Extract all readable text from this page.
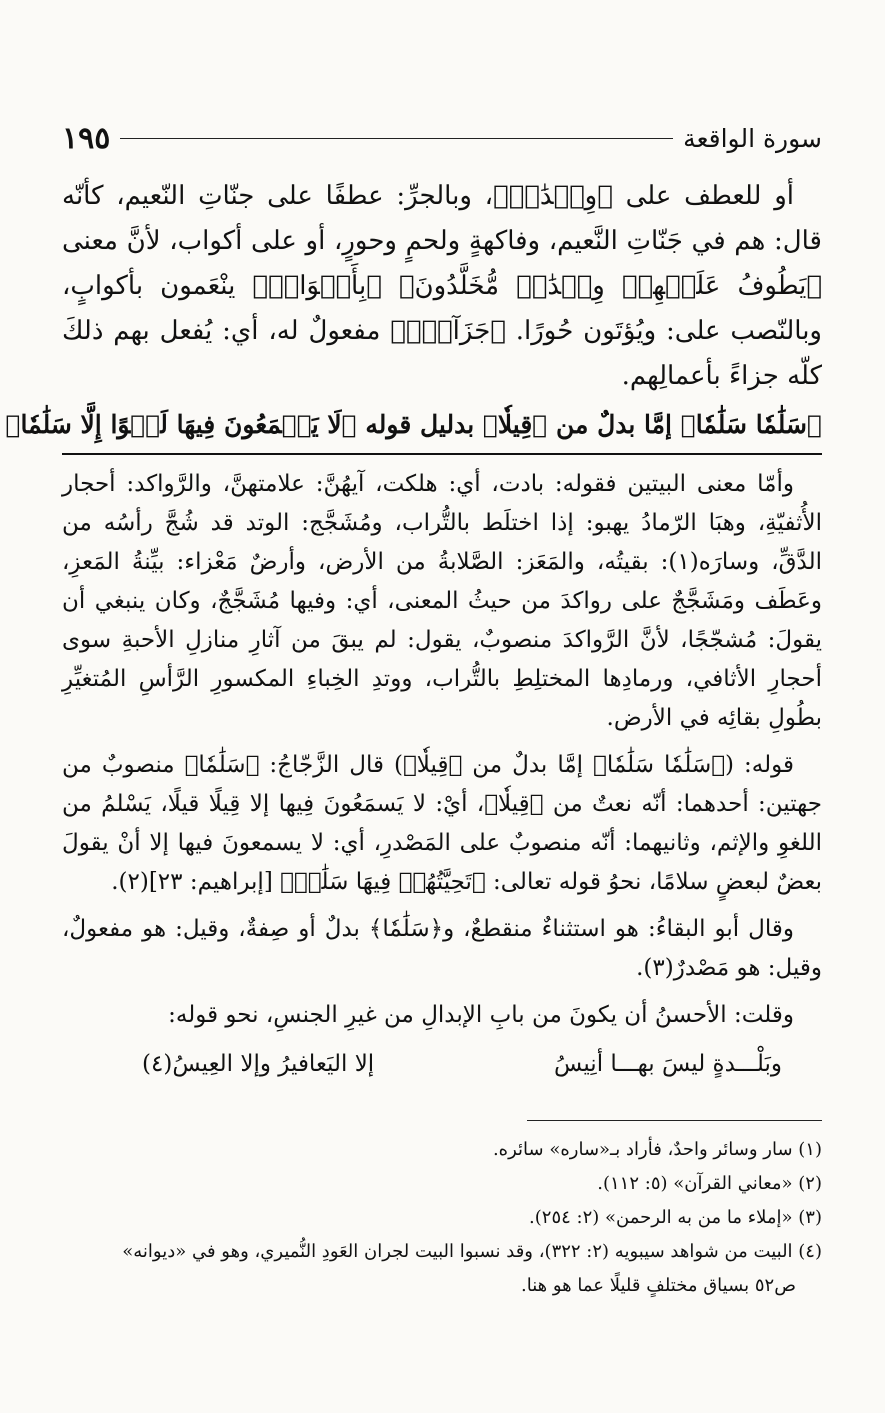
سورة الواقعة
١٩٥

أو للعطف على ﴿وِلۡدَٰنٞ﴾، وبالجرِّ: عطفًا على جنّاتِ النّعيم، كأنّه قال: هم في جَنّاتِ النَّعيم، وفاكهةٍ ولحمٍ وحورٍ، أو على أكواب، لأنَّ معنى ﴿يَطُوفُ عَلَيۡهِمۡ وِلۡدَٰنٞ مُّخَلَّدُونَ﴾ ﴿بِأَكۡوَابٖ﴾ ينْعَمون بأكوابٍ، وبالنّصب على: ويُؤتَون حُورًا. ﴿جَزَآءَۢ﴾ مفعولٌ له، أي: يُفعل بهم ذلكَ كلّه جزاءً بأعمالِهم.

﴿سَلَٰمٗا سَلَٰمٗا﴾ إمَّا بدلٌ من ﴿قِيلٗا﴾ بدليل قوله ﴿لَا يَسۡمَعُونَ فِيهَا لَغۡوًا إِلَّا سَلَٰمٗا﴾

وأمّا معنى البيتين فقوله: بادت، أي: هلكت، آيهُنَّ: علامتهنَّ، والرَّواكد: أحجار الأُثفيّةِ، وهبَا الرّمادُ يهبو: إذا اختلَط بالتُّراب، ومُشَجَّج: الوتد قد شُجَّ رأسُه من الدَّقِّ، وسارَه(١): بقيتُه، والمَعَز: الصَّلابةُ من الأرض، وأرضٌ مَعْزاء: بيِّنةُ المَعزِ، وعَطَف ومَشَجَّجٌ على رواكدَ من حيثُ المعنى، أي: وفيها مُشَجَّجٌ، وكان ينبغي أن يقولَ: مُشجّجًا، لأنَّ الرَّواكدَ منصوبٌ، يقول: لم يبقَ من آثارِ منازلِ الأحبةِ سوى أحجارِ الأثافي، ورمادِها المختلِطِ بالتُّراب، ووتدِ الخِباءِ المكسورِ الرَّأسِ المُتغيِّرِ بطُولِ بقائِه في الأرض.

قوله: (﴿سَلَٰمٗا سَلَٰمٗا﴾ إمَّا بدلٌ من ﴿قِيلٗا﴾) قال الزَّجّاجُ: ﴿سَلَٰمٗا﴾ منصوبٌ من جهتين: أحدهما: أنّه نعتٌ من ﴿قِيلٗا﴾، أيْ: لا يَسمَعُونَ فِيها إلا قِيلًا قيلًا، يَسْلمُ من اللغوِ والإثم، وثانيهما: أنّه منصوبٌ على المَصْدرِ، أي: لا يسمعونَ فيها إلا أنْ يقولَ بعضٌ لبعضٍ سلامًا، نحوُ قوله تعالى: ﴿تَحِيَّتُهُمۡ فِيهَا سَلَٰمٞ﴾ [إبراهيم: ٢٣](٢).

وقال أبو البقاءُ: هو استثناءٌ منقطعٌ، و﴿سَلَٰمٗا﴾ بدلٌ أو صِفةٌ، وقيل: هو مفعولٌ، وقيل: هو مَصْدرٌ(٣).

وقلت: الأحسنُ أن يكونَ من بابِ الإبدالِ من غيرِ الجنسِ، نحو قوله:

وبَلْـــدةٍ ليسَ بهـــا أنِيسُ
إلا اليَعافيرُ وإلا العِيسُ(٤)

(١) سار وسائر واحدٌ، فأراد بـ«ساره» سائره.

(٢) «معاني القرآن» (٥: ١١٢).

(٣) «إملاء ما من به الرحمن» (٢: ٢٥٤).

(٤) البيت من شواهد سيبويه (٢: ٣٢٢)، وقد نسبوا البيت لجران العَودِ النُّميري، وهو في «ديوانه»

ص٥٢ بسياق مختلفٍ قليلًا عما هو هنا.
